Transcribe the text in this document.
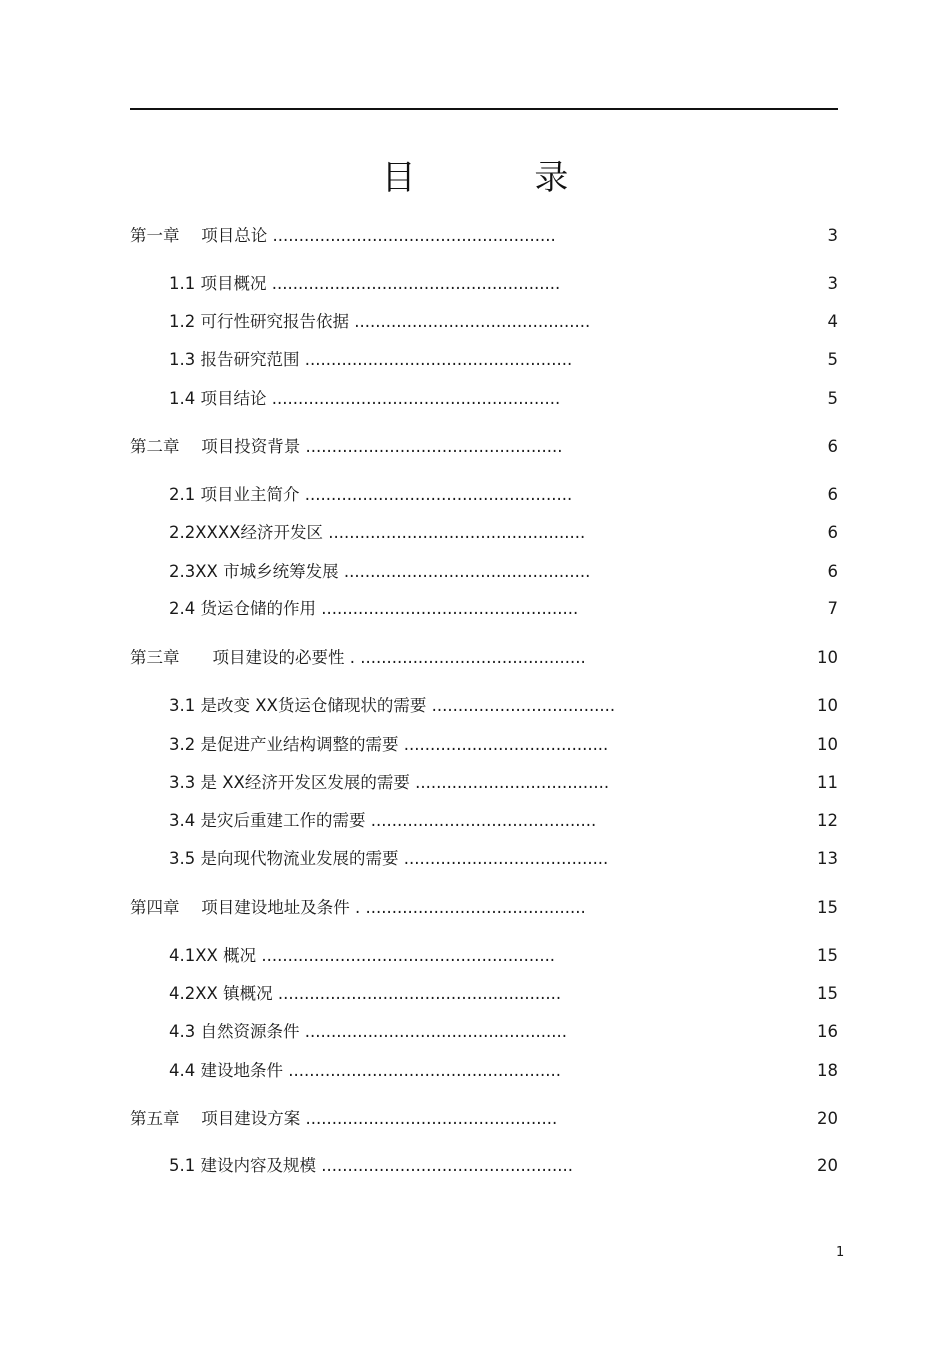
目 录
第一章　 项目总论 ......................................................	3
1.1 项目概况 .......................................................	3
1.2 可行性研究报告依据 .............................................	4
1.3 报告研究范围 ...................................................	5
1.4 项目结论 .......................................................	5
第二章　 项目投资背景 .................................................	6
2.1 项目业主简介 ...................................................	6
2.2XXXX经济开发区 .................................................	6
2.3XX 市城乡统筹发展 ...............................................	6
2.4 货运仓储的作用 .................................................	7
第三章　　项目建设的必要性 . ...........................................	10
3.1 是改变 XX货运仓储现状的需要 ...................................	10
3.2 是促进产业结构调整的需要 .......................................	10
3.3 是 XX经济开发区发展的需要 .....................................	11
3.4 是灾后重建工作的需要 ...........................................	12
3.5 是向现代物流业发展的需要 .......................................	13
第四章　 项目建设地址及条件 . ..........................................	15
4.1XX 概况 ........................................................	15
4.2XX 镇概况 ......................................................	15
4.3 自然资源条件 ..................................................	16
4.4 建设地条件 ....................................................	18
第五章　 项目建设方案 ................................................	20
5.1 建设内容及规模 ................................................	20
1
